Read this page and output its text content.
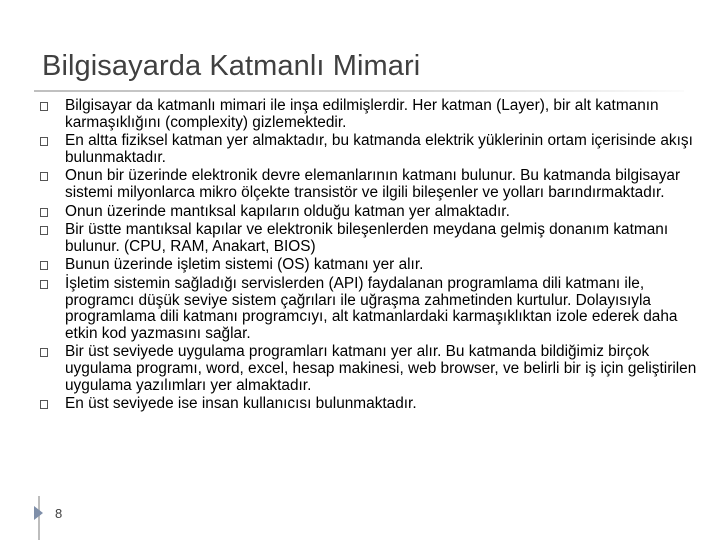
Bilgisayarda Katmanlı Mimari
Bilgisayar da katmanlı mimari ile inşa edilmişlerdir. Her katman (Layer), bir alt katmanın karmaşıklığını (complexity) gizlemektedir.
En altta fiziksel katman yer almaktadır, bu katmanda elektrik yüklerinin ortam içerisinde akışı bulunmaktadır.
Onun bir üzerinde elektronik devre elemanlarının katmanı bulunur. Bu katmanda bilgisayar sistemi milyonlarca mikro ölçekte transistör ve ilgili bileşenler ve yolları barındırmaktadır.
Onun üzerinde mantıksal kapıların olduğu katman yer almaktadır.
Bir üstte mantıksal kapılar ve elektronik bileşenlerden meydana gelmiş donanım katmanı bulunur. (CPU, RAM, Anakart, BIOS)
Bunun üzerinde işletim sistemi (OS) katmanı yer alır.
İşletim sistemin sağladığı servislerden (API) faydalanan programlama dili katmanı ile, programcı düşük seviye sistem çağrıları ile uğraşma zahmetinden kurtulur. Dolayısıyla programlama dili katmanı programcıyı, alt katmanlardaki karmaşıklıktan izole ederek daha etkin kod yazmasını sağlar.
Bir üst seviyede uygulama programları katmanı yer alır. Bu katmanda bildiğimiz birçok uygulama programı, word, excel, hesap makinesi, web browser, ve belirli bir iş için geliştirilen uygulama yazılımları yer almaktadır.
En üst seviyede ise insan kullanıcısı bulunmaktadır.
8
